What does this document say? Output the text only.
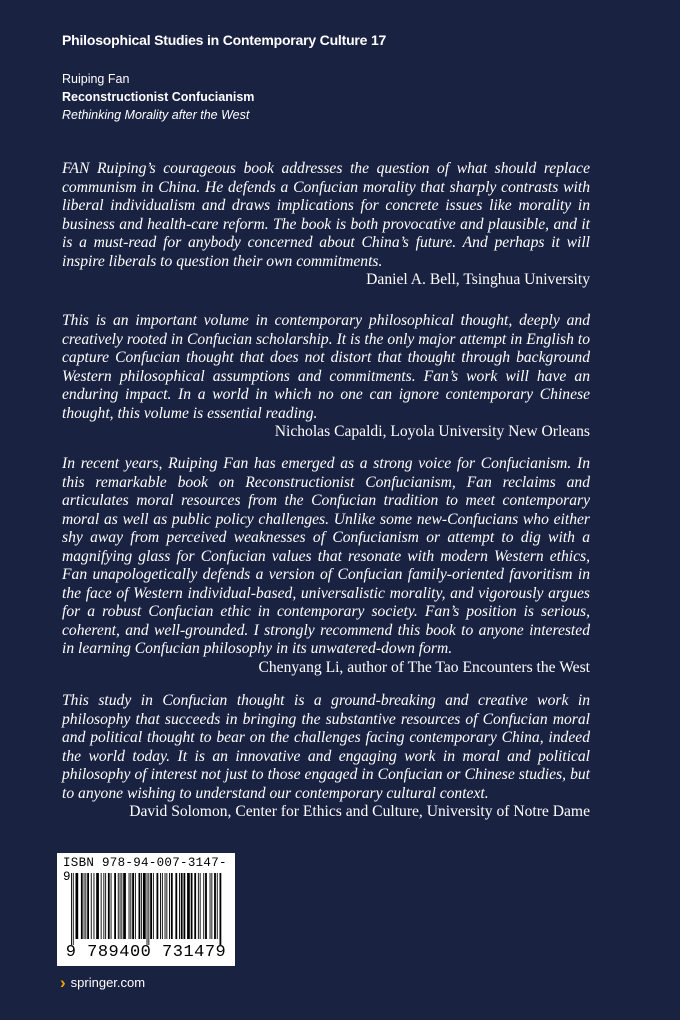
Philosophical Studies in Contemporary Culture 17
Ruiping Fan
Reconstructionist Confucianism
Rethinking Morality after the West
FAN Ruiping’s courageous book addresses the question of what should replace communism in China. He defends a Confucian morality that sharply contrasts with liberal individualism and draws implications for concrete issues like morality in business and health-care reform. The book is both provocative and plausible, and it is a must-read for anybody concerned about China’s future. And perhaps it will inspire liberals to question their own commitments.
Daniel A. Bell, Tsinghua University
This is an important volume in contemporary philosophical thought, deeply and creatively rooted in Confucian scholarship. It is the only major attempt in English to capture Confucian thought that does not distort that thought through background Western philosophical assumptions and commitments. Fan’s work will have an enduring impact. In a world in which no one can ignore contemporary Chinese thought, this volume is essential reading.
Nicholas Capaldi, Loyola University New Orleans
In recent years, Ruiping Fan has emerged as a strong voice for Confucianism. In this remarkable book on Reconstructionist Confucianism, Fan reclaims and articulates moral resources from the Confucian tradition to meet contemporary moral as well as public policy challenges. Unlike some new-Confucians who either shy away from perceived weaknesses of Confucianism or attempt to dig with a magnifying glass for Confucian values that resonate with modern Western ethics, Fan unapologetically defends a version of Confucian family-oriented favoritism in the face of Western individual-based, universalistic morality, and vigorously argues for a robust Confucian ethic in contemporary society. Fan’s position is serious, coherent, and well-grounded. I strongly recommend this book to anyone interested in learning Confucian philosophy in its unwatered-down form.
Chenyang Li, author of The Tao Encounters the West
This study in Confucian thought is a ground-breaking and creative work in philosophy that succeeds in bringing the substantive resources of Confucian moral and political thought to bear on the challenges facing contemporary China, indeed the world today. It is an innovative and engaging work in moral and political philosophy of interest not just to those engaged in Confucian or Chinese studies, but to anyone wishing to understand our contemporary cultural context.
David Solomon, Center for Ethics and Culture, University of Notre Dame
ISBN 978-94-007-3147-9
9 789400 731479
› springer.com
